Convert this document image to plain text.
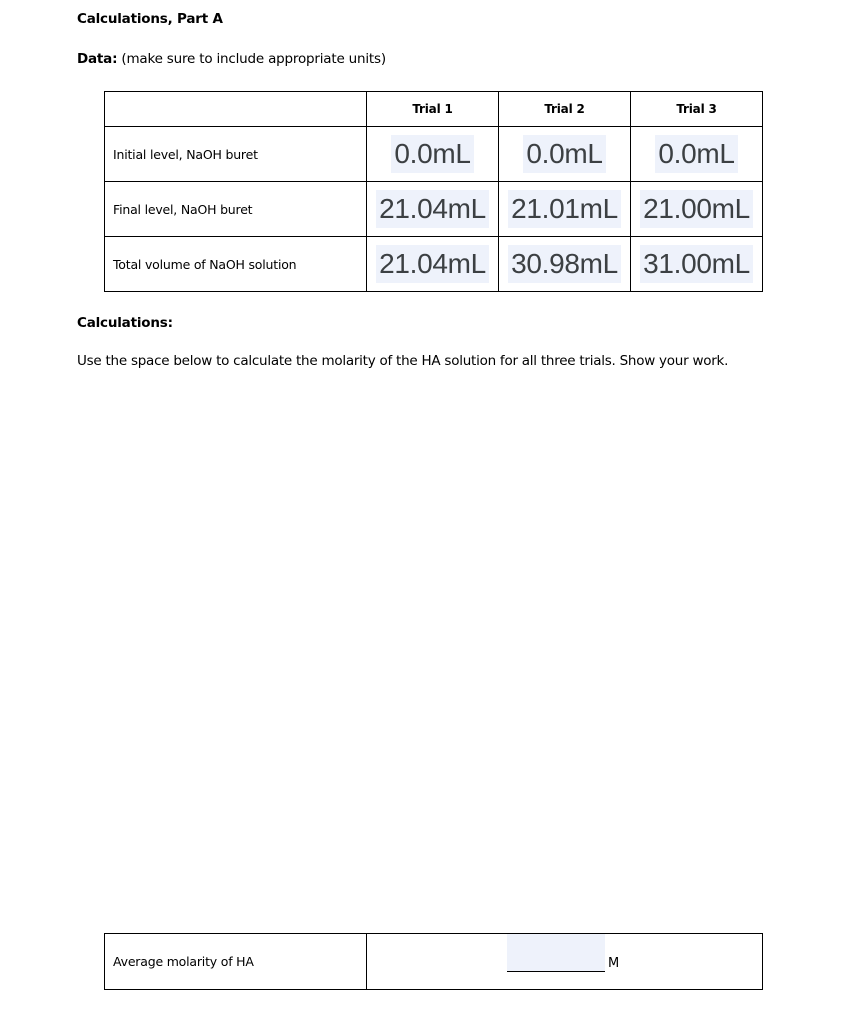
Calculations, Part A
Data: (make sure to include appropriate units)
	Trial 1	Trial 2	Trial 3
Initial level, NaOH buret	0.0mL	0.0mL	0.0mL
Final level, NaOH buret	21.04mL	21.01mL	21.00mL
Total volume of NaOH solution	21.04mL	30.98mL	31.00mL
Calculations:
Use the space below to calculate the molarity of the HA solution for all three trials. Show your work.
Average molarity of HA	M
